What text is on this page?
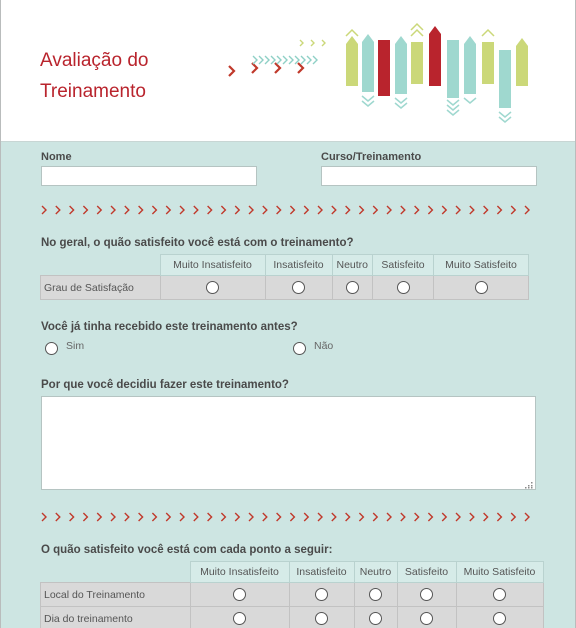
Avaliação do
Treinamento
Nome	Curso/Treinamento
No geral, o quão satisfeito você está com o treinamento?
	Muito Insatisfeito	Insatisfeito	Neutro	Satisfeito	Muito Satisfeito
Grau de Satisfação					
Você já tinha recebido este treinamento antes?
Sim	Não
Por que você decidiu fazer este treinamento?
O quão satisfeito você está com cada ponto a seguir:
	Muito Insatisfeito	Insatisfeito	Neutro	Satisfeito	Muito Satisfeito
Local do Treinamento					
Dia do treinamento					
